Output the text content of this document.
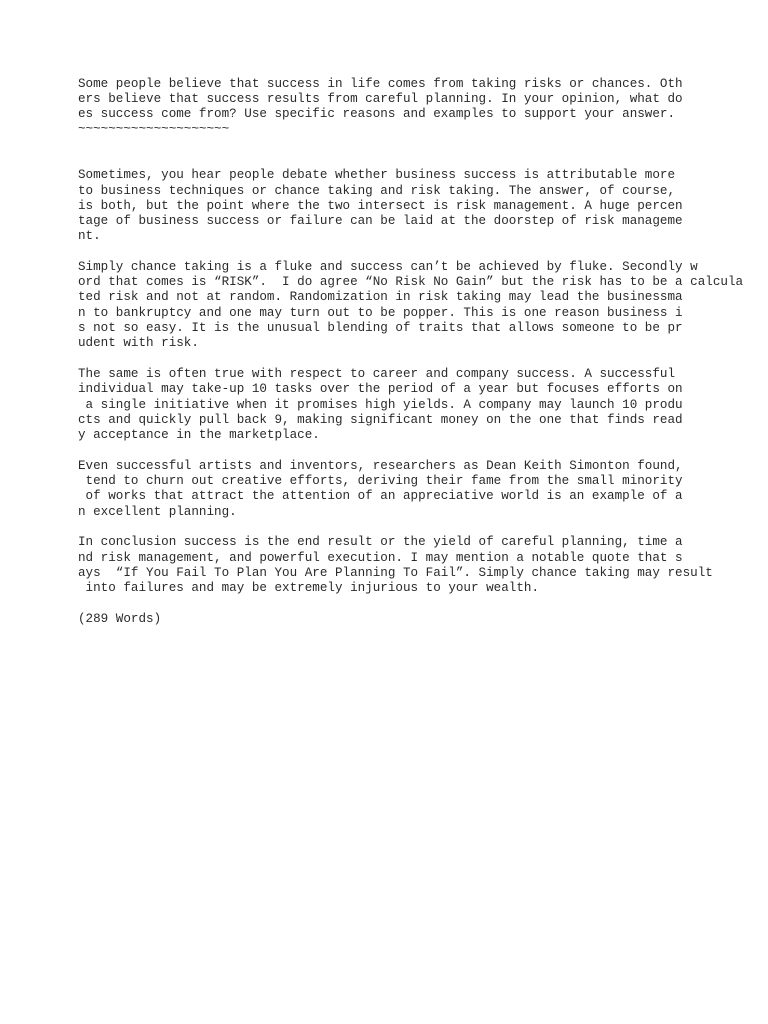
Some people believe that success in life comes from taking risks or chances. Oth

ers believe that success results from careful planning. In your opinion, what do

es success come from? Use specific reasons and examples to support your answer.

~~~~~~~~~~~~~~~~~~~~

Sometimes, you hear people debate whether business success is attributable more

to business techniques or chance taking and risk taking. The answer, of course,

is both, but the point where the two intersect is risk management. A huge percen

tage of business success or failure can be laid at the doorstep of risk manageme

nt.

Simply chance taking is a fluke and success can’t be achieved by fluke. Secondly w

ord that comes is “RISK”.  I do agree “No Risk No Gain” but the risk has to be a calcula

ted risk and not at random. Randomization in risk taking may lead the businessma

n to bankruptcy and one may turn out to be popper. This is one reason business i

s not so easy. It is the unusual blending of traits that allows someone to be pr

udent with risk.

The same is often true with respect to career and company success. A successful

individual may take-up 10 tasks over the period of a year but focuses efforts on

a single initiative when it promises high yields. A company may launch 10 produ

cts and quickly pull back 9, making significant money on the one that finds read

y acceptance in the marketplace.

Even successful artists and inventors, researchers as Dean Keith Simonton found,

tend to churn out creative efforts, deriving their fame from the small minority

of works that attract the attention of an appreciative world is an example of a

n excellent planning.

In conclusion success is the end result or the yield of careful planning, time a

nd risk management, and powerful execution. I may mention a notable quote that s

ays  “If You Fail To Plan You Are Planning To Fail”. Simply chance taking may result

into failures and may be extremely injurious to your wealth.

(289 Words)
